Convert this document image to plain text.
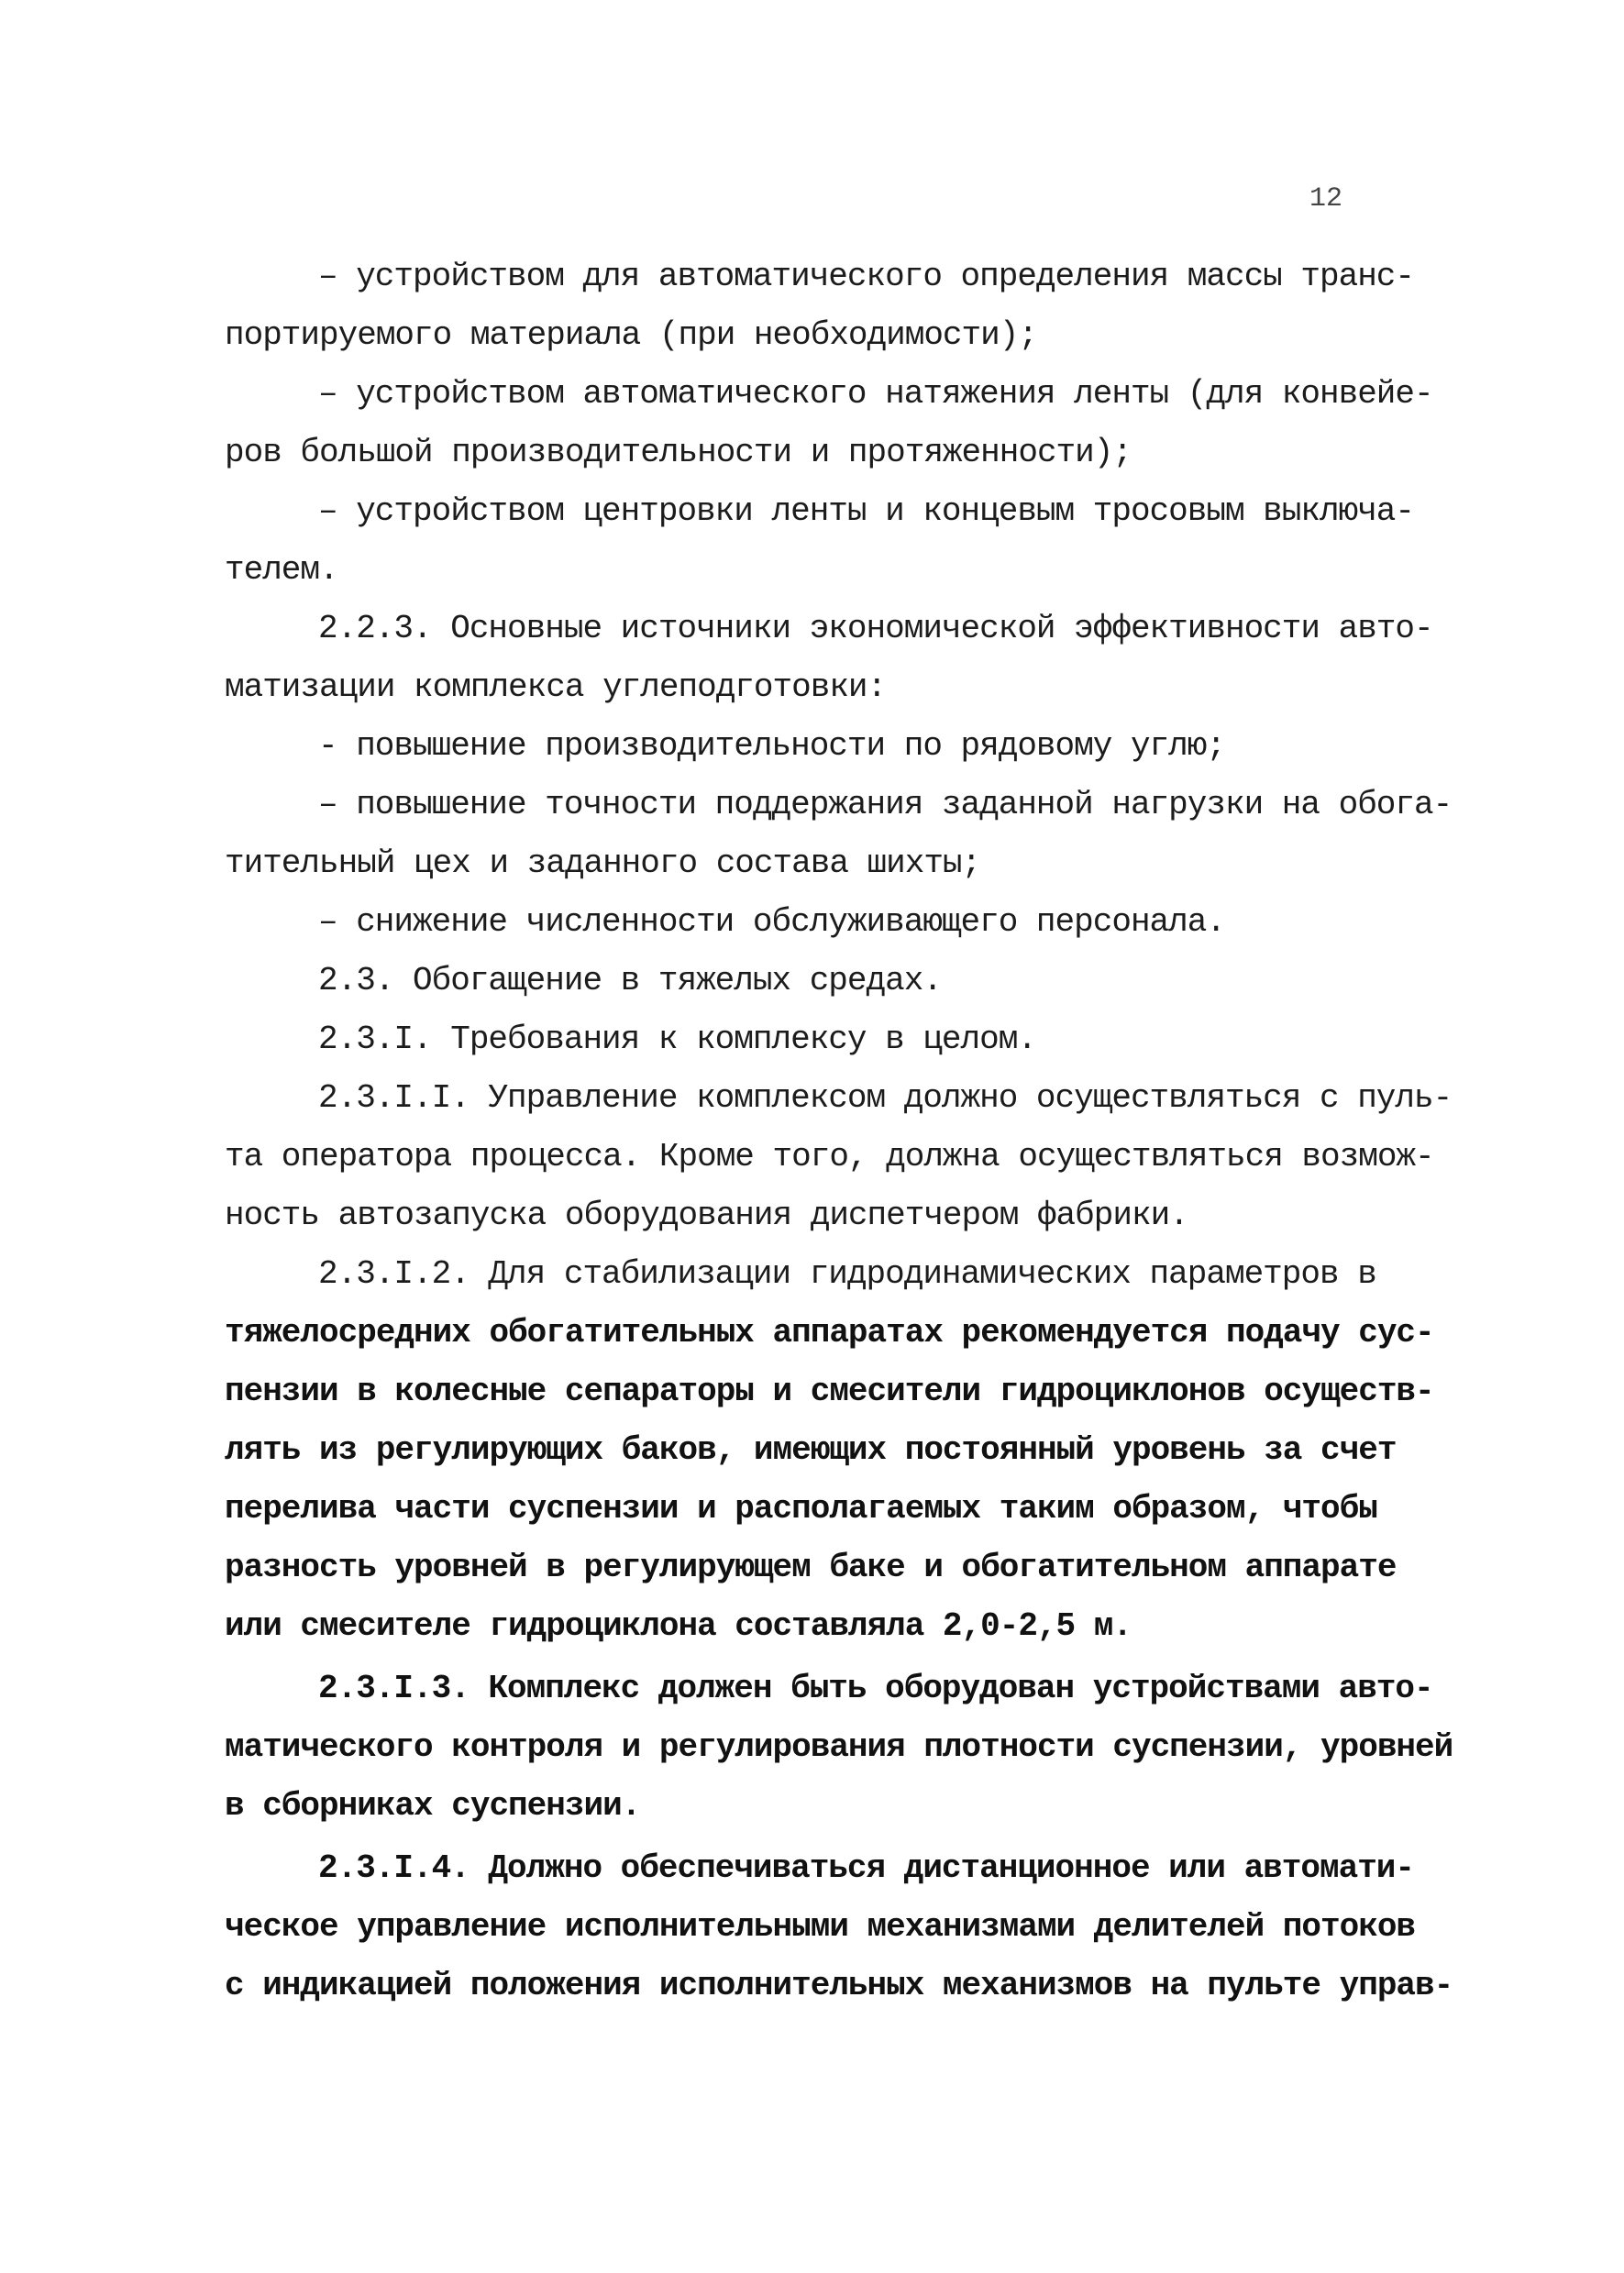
12
– устройством для автоматического определения массы транс-
портируемого материала (при необходимости);
– устройством автоматического натяжения ленты (для конвейе-
ров большой производительности и протяженности);
– устройством центровки ленты и концевым тросовым выключа-
телем.
2.2.3. Основные источники экономической эффективности авто-
матизации комплекса углеподготовки:
- повышение производительности по рядовому углю;
– повышение точности поддержания заданной нагрузки на обога-
тительный цех и заданного состава шихты;
– снижение численности обслуживающего персонала.
2.3. Обогащение в тяжелых средах.
2.3.I. Требования к комплексу в целом.
2.3.I.I. Управление комплексом должно осуществляться с пуль-
та оператора процесса. Кроме того, должна осуществляться возмож-
ность автозапуска оборудования диспетчером фабрики.
2.3.I.2. Для стабилизации гидродинамических параметров в
тяжелосредних обогатительных аппаратах рекомендуется подачу сус-
пензии в колесные сепараторы и смесители гидроциклонов осуществ-
лять из регулирующих баков, имеющих постоянный уровень за счет
перелива части суспензии и располагаемых таким образом, чтобы
разность уровней в регулирующем баке и обогатительном аппарате
или смесителе гидроциклона составляла 2,0-2,5 м.
2.3.I.3. Комплекс должен быть оборудован устройствами авто-
матического контроля и регулирования плотности суспензии, уровней
в сборниках суспензии.
2.3.I.4. Должно обеспечиваться дистанционное или автомати-
ческое управление исполнительными механизмами делителей потоков
с индикацией положения исполнительных механизмов на пульте управ-
